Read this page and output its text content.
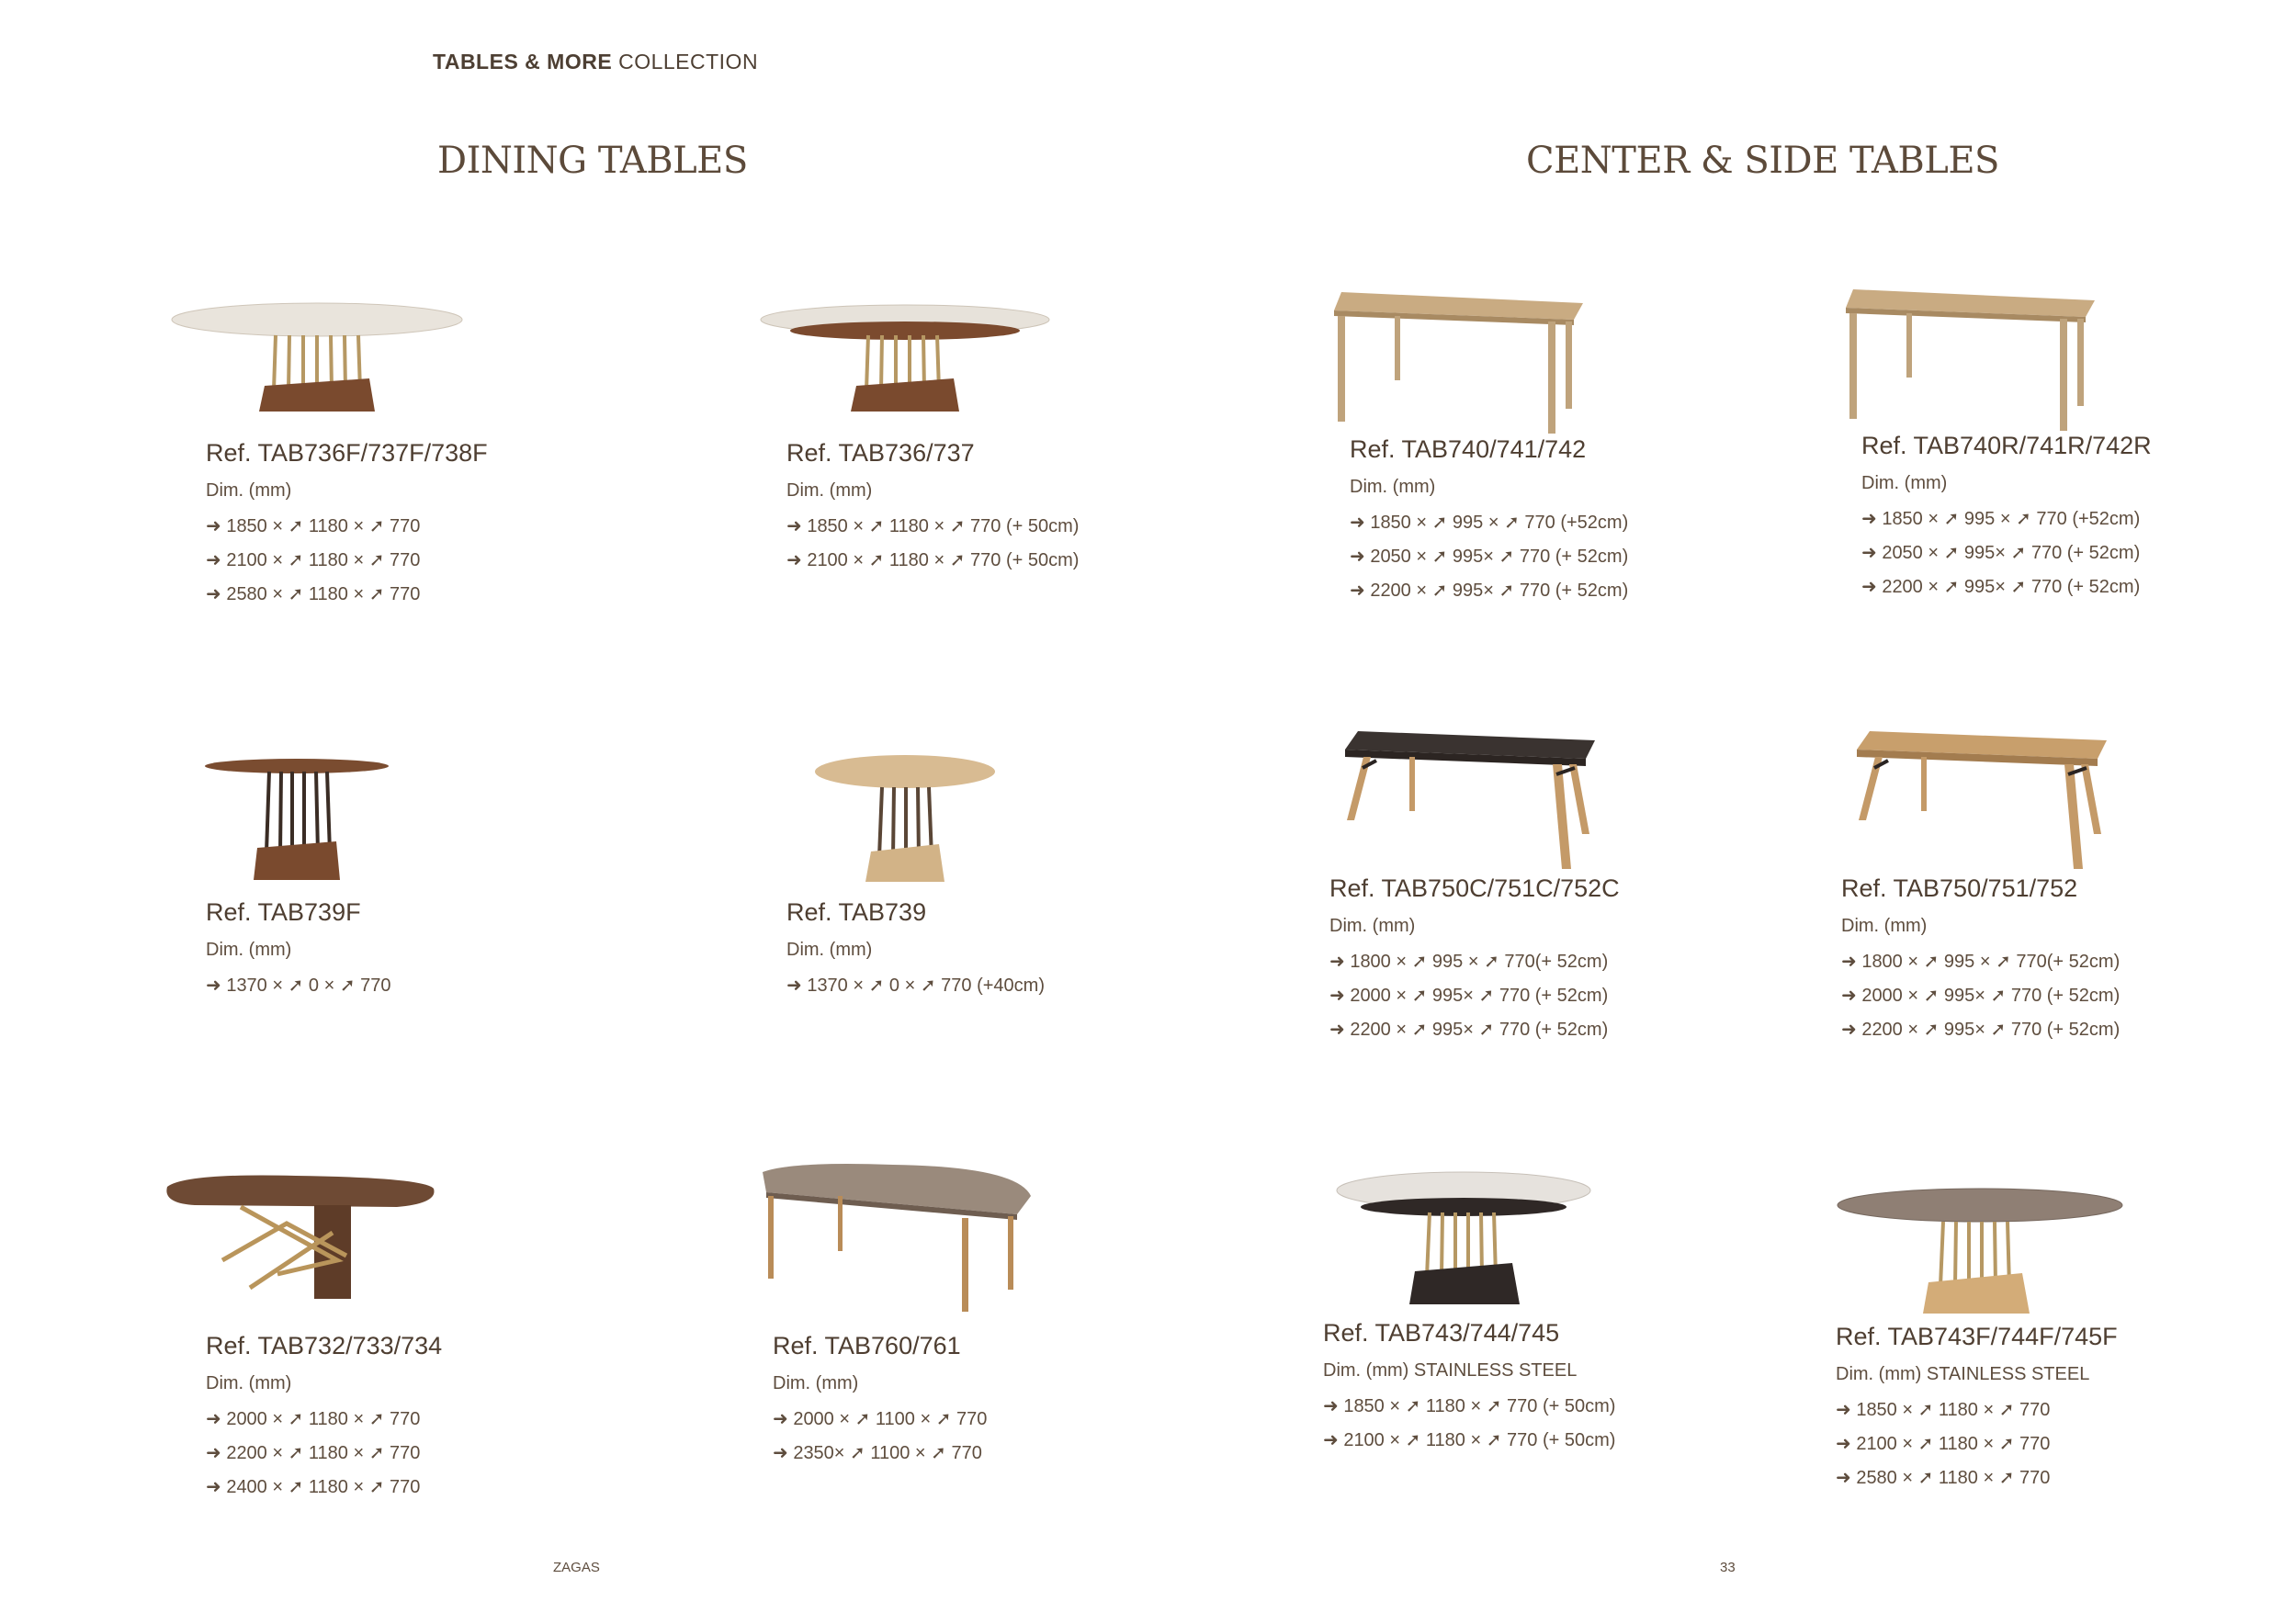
TABLES & MORE COLLECTION
DINING TABLES	CENTER & SIDE TABLES
Ref. TAB736F/737F/738F
Dim. (mm)
➜ 1850 × ➚ 1180 × ➚ 770
➜ 2100 × ➚ 1180 × ➚ 770
➜ 2580 × ➚ 1180 × ➚ 770
Ref. TAB736/737
Dim. (mm)
➜ 1850 × ➚ 1180 × ➚ 770 (+ 50cm)
➜ 2100 × ➚ 1180 × ➚ 770 (+ 50cm)
Ref. TAB740/741/742
Dim. (mm)
➜ 1850 × ➚ 995 × ➚ 770 (+52cm)
➜ 2050 × ➚ 995× ➚ 770 (+ 52cm)
➜ 2200 × ➚ 995× ➚ 770 (+ 52cm)
Ref. TAB740R/741R/742R
Dim. (mm)
➜ 1850 × ➚ 995 × ➚ 770 (+52cm)
➜ 2050 × ➚ 995× ➚ 770 (+ 52cm)
➜ 2200 × ➚ 995× ➚ 770 (+ 52cm)
Ref. TAB739F
Dim. (mm)
➜ 1370 × ➚ 0 × ➚ 770
Ref. TAB739
Dim. (mm)
➜ 1370 × ➚ 0 × ➚ 770 (+40cm)
Ref. TAB750C/751C/752C
Dim. (mm)
➜ 1800 × ➚ 995 × ➚ 770(+ 52cm)
➜ 2000 × ➚ 995× ➚ 770 (+ 52cm)
➜ 2200 × ➚ 995× ➚ 770 (+ 52cm)
Ref. TAB750/751/752
Dim. (mm)
➜ 1800 × ➚ 995 × ➚ 770(+ 52cm)
➜ 2000 × ➚ 995× ➚ 770 (+ 52cm)
➜ 2200 × ➚ 995× ➚ 770 (+ 52cm)
Ref. TAB732/733/734
Dim. (mm)
➜ 2000 × ➚ 1180 × ➚ 770
➜ 2200 × ➚ 1180 × ➚ 770
➜ 2400 × ➚ 1180 × ➚ 770
Ref. TAB760/761
Dim. (mm)
➜ 2000 × ➚ 1100 × ➚ 770
➜ 2350× ➚ 1100 × ➚ 770
Ref. TAB743/744/745
Dim. (mm) STAINLESS STEEL
➜ 1850 × ➚ 1180 × ➚ 770 (+ 50cm)
➜ 2100 × ➚ 1180 × ➚ 770 (+ 50cm)
Ref. TAB743F/744F/745F
Dim. (mm) STAINLESS STEEL
➜ 1850 × ➚ 1180 × ➚ 770
➜ 2100 × ➚ 1180 × ➚ 770
➜ 2580 × ➚ 1180 × ➚ 770
ZAGAS	33
